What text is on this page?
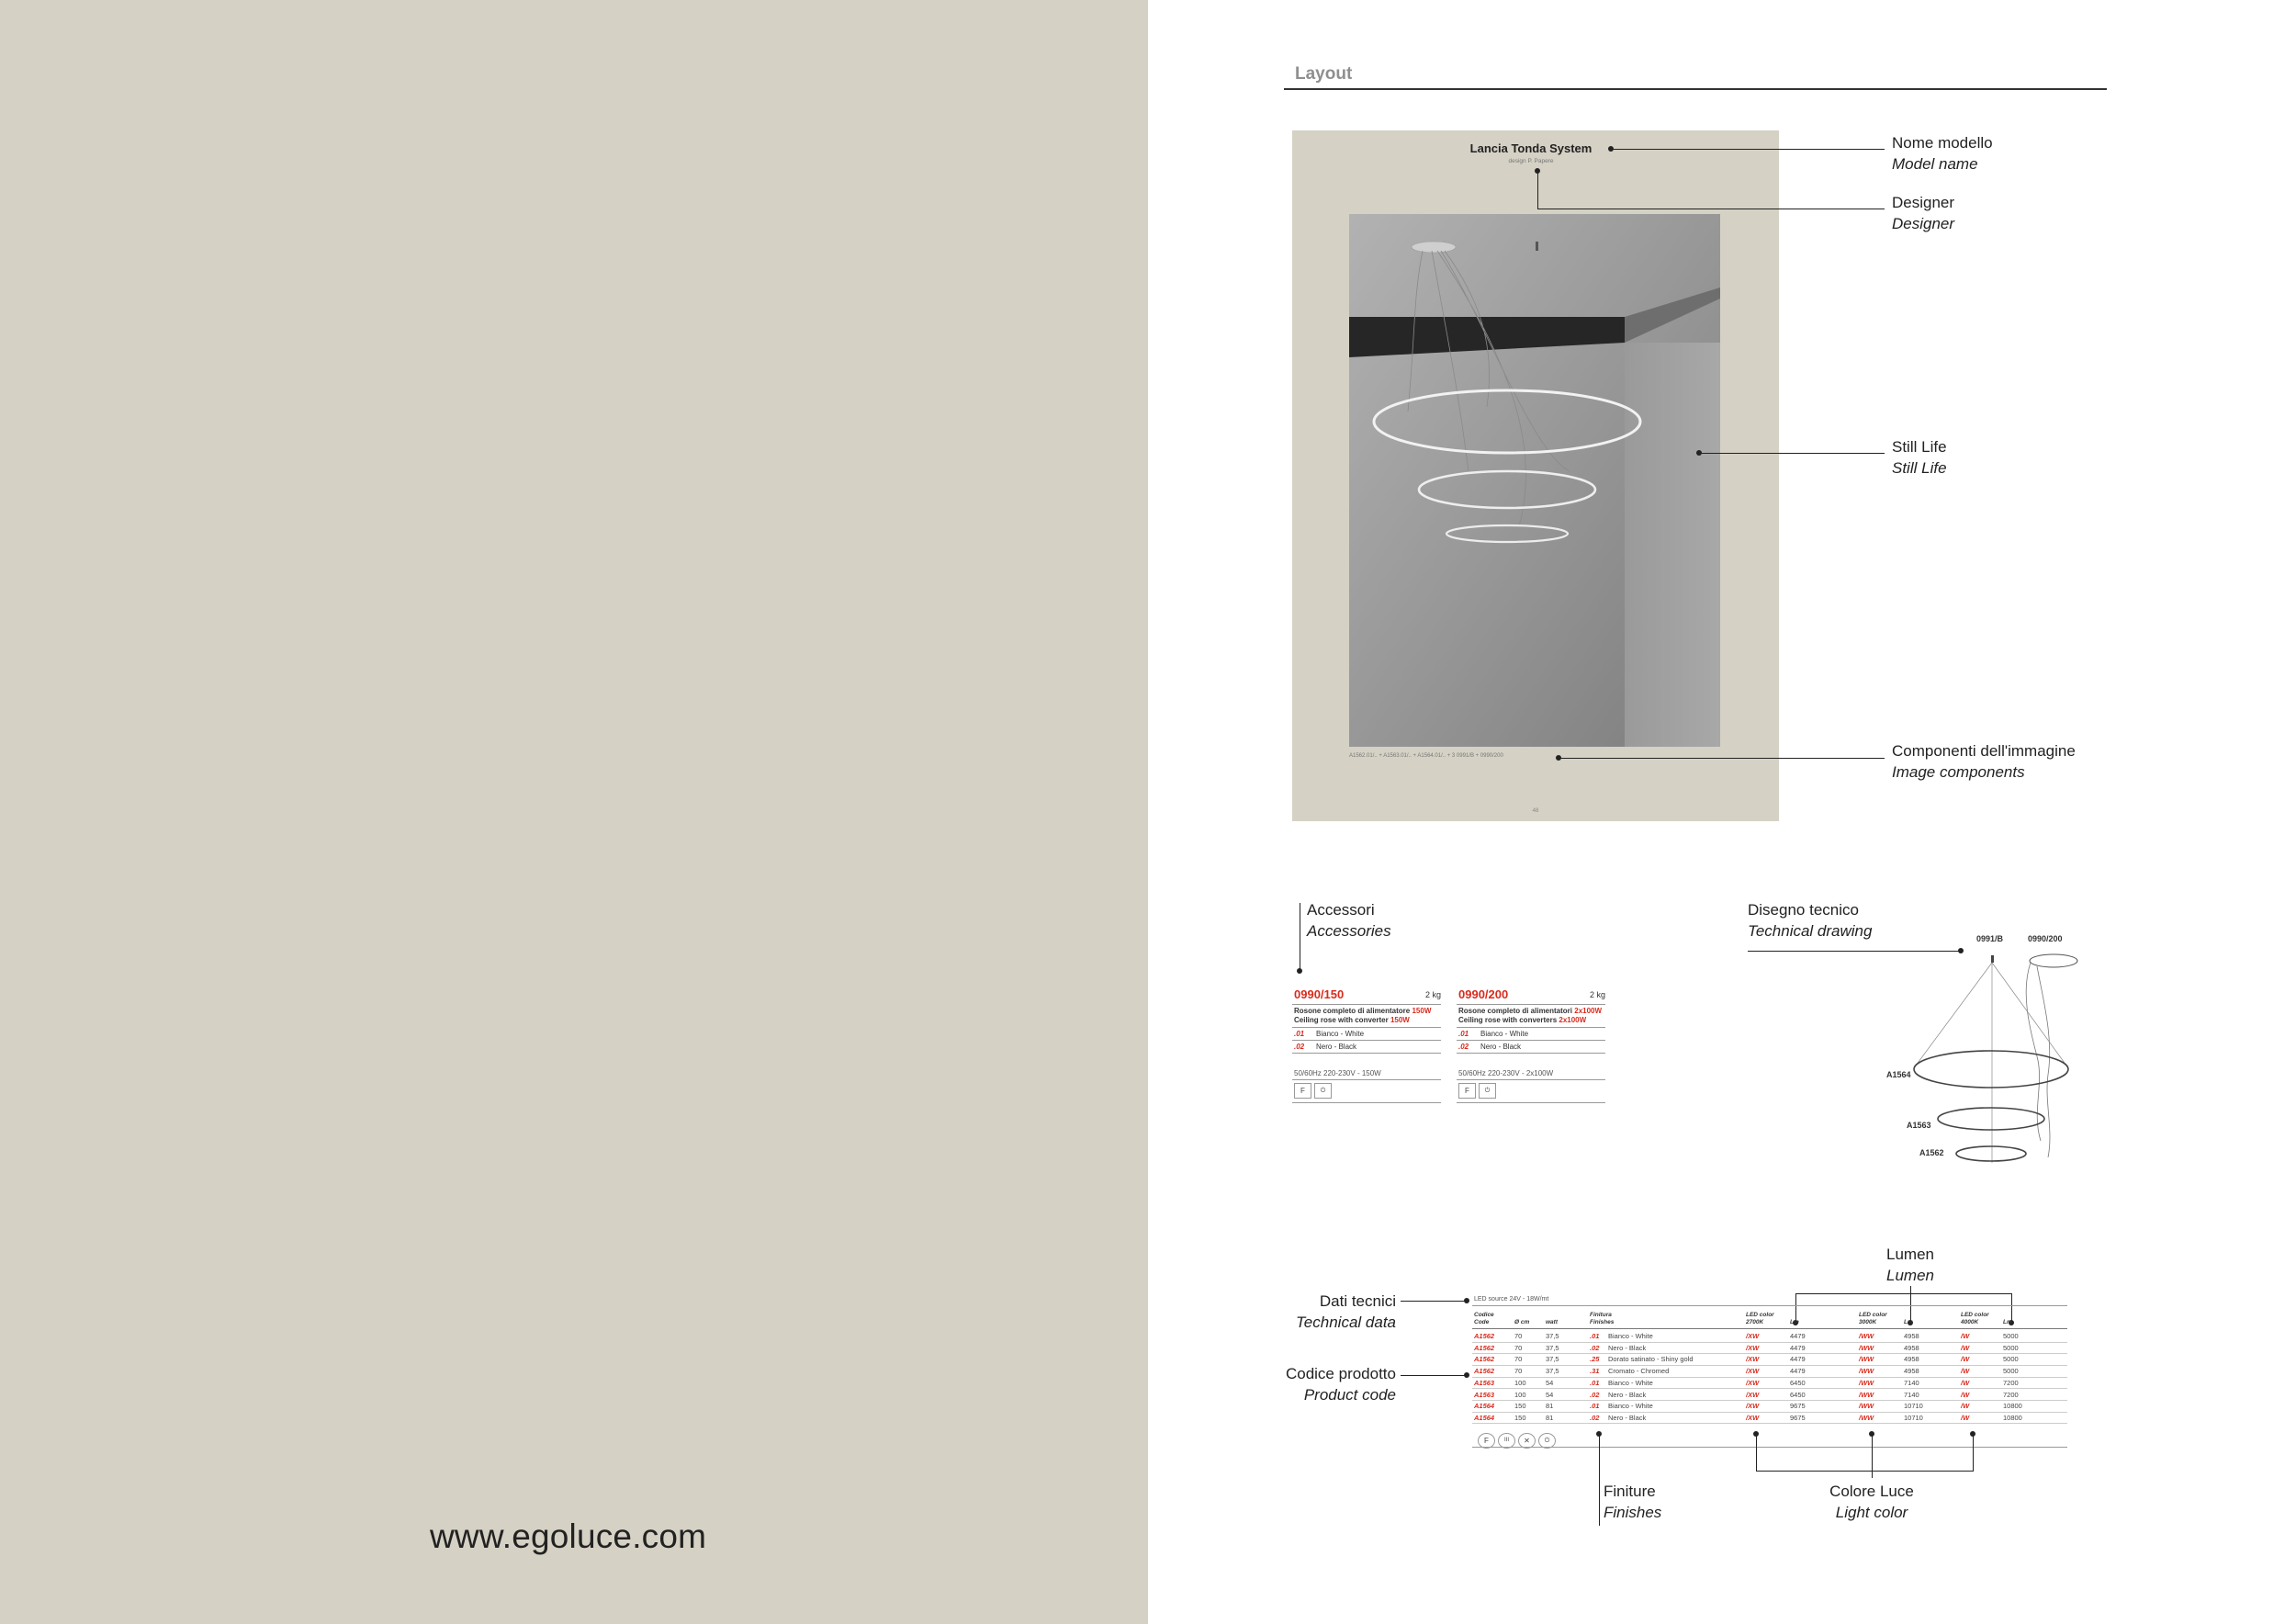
www.egoluce.com
Layout
Lancia Tonda System
design P. Papere
A1562.01/.. + A1563.01/.. + A1564.01/.. + 3 0991/B + 0990/200
48
Nome modello
Model name
Designer
Designer
Still Life
Still Life
Componenti dell'immagine
Image components
Accessori
Accessories
0990/150	2 kg
Rosone completo di alimentatore 150W
Ceiling rose with converter 150W
.01 Bianco - White
.02 Nero - Black
50/60Hz 220-230V - 150W
F	⏻
0990/200	2 kg
Rosone completo di alimentatori 2x100W
Ceiling rose with converters 2x100W
.01 Bianco - White
.02 Nero - Black
50/60Hz 220-230V - 2x100W
F	⏻
Disegno tecnico
Technical drawing	0991/B	0990/200
A1564
A1563
A1562
Lumen
Lumen
Dati tecnici
Technical data
Codice prodotto
Product code
LED source 24V - 18W/mt
Codice
Code	Ø cm	watt
Finitura
Finishes
LED color
2700K	Lm
LED color
3000K	Lm
LED color
4000K	Lm
A1562	70	37,5	.01 Bianco - White	/XW	4479	/WW	4958	/W	5000
A1562	70	37,5	.02 Nero - Black	/XW	4479	/WW	4958	/W	5000
A1562	70	37,5	.25 Dorato satinato - Shiny gold	/XW	4479	/WW	4958	/W	5000
A1562	70	37,5	.31 Cromato - Chromed	/XW	4479	/WW	4958	/W	5000
A1563	100	54	.01 Bianco - White	/XW	6450	/WW	7140	/W	7200
A1563	100	54	.02 Nero - Black	/XW	6450	/WW	7140	/W	7200
A1564	150	81	.01 Bianco - White	/XW	9675	/WW	10710	/W	10800
A1564	150	81	.02 Nero - Black	/XW	9675	/WW	10710	/W	10800
F	III	✕	⏻
Finiture
Finishes
Colore Luce
Light color
